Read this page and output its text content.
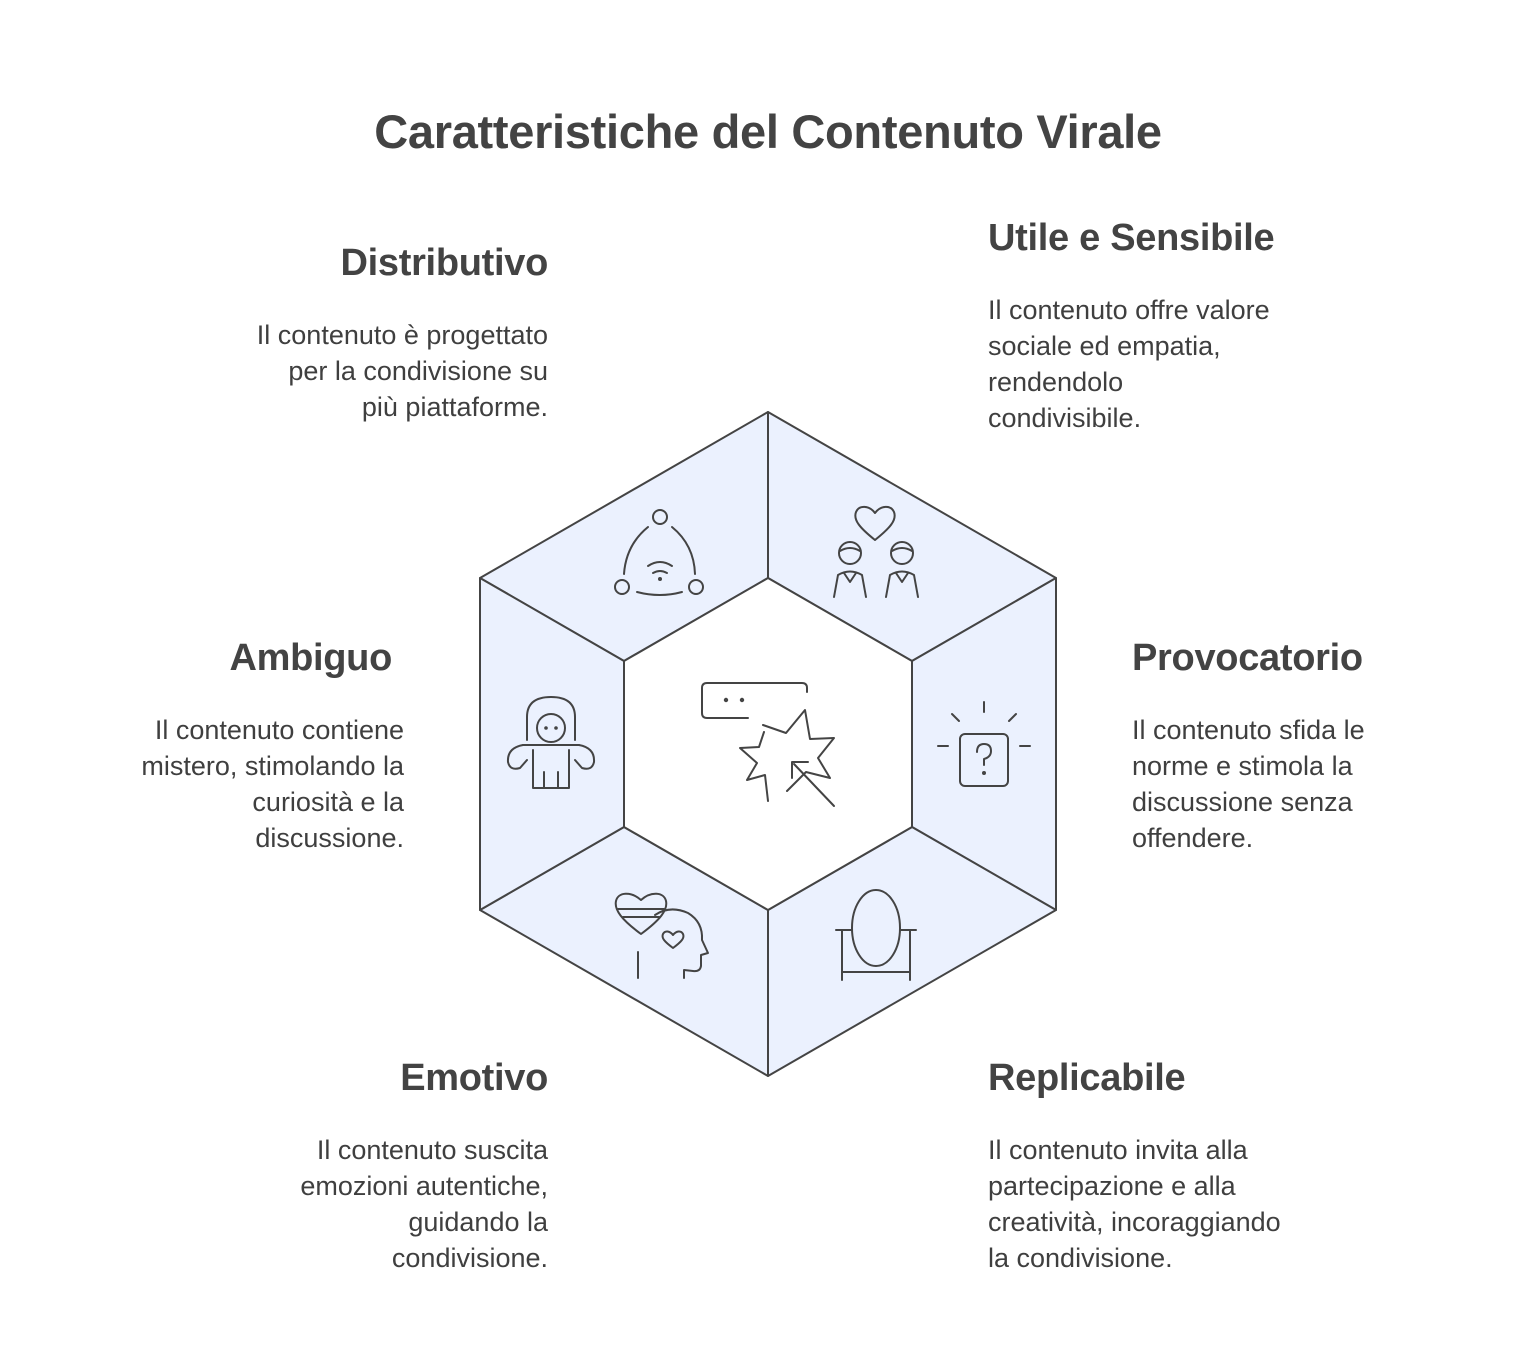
Caratteristiche del Contenuto Virale
Distributivo

Il contenuto è progettato
per la condivisione su
più piattaforme.

Utile e Sensibile

Il contenuto offre valore
sociale ed empatia,
rendendolo
condivisibile.

Provocatorio

Il contenuto sfida le
norme e stimola la
discussione senza
offendere.

Replicabile

Il contenuto invita alla
partecipazione e alla
creatività, incoraggiando
la condivisione.

Emotivo

Il contenuto suscita
emozioni autentiche,
guidando la
condivisione.

Ambiguo

Il contenuto contiene
mistero, stimolando la
curiosità e la
discussione.
